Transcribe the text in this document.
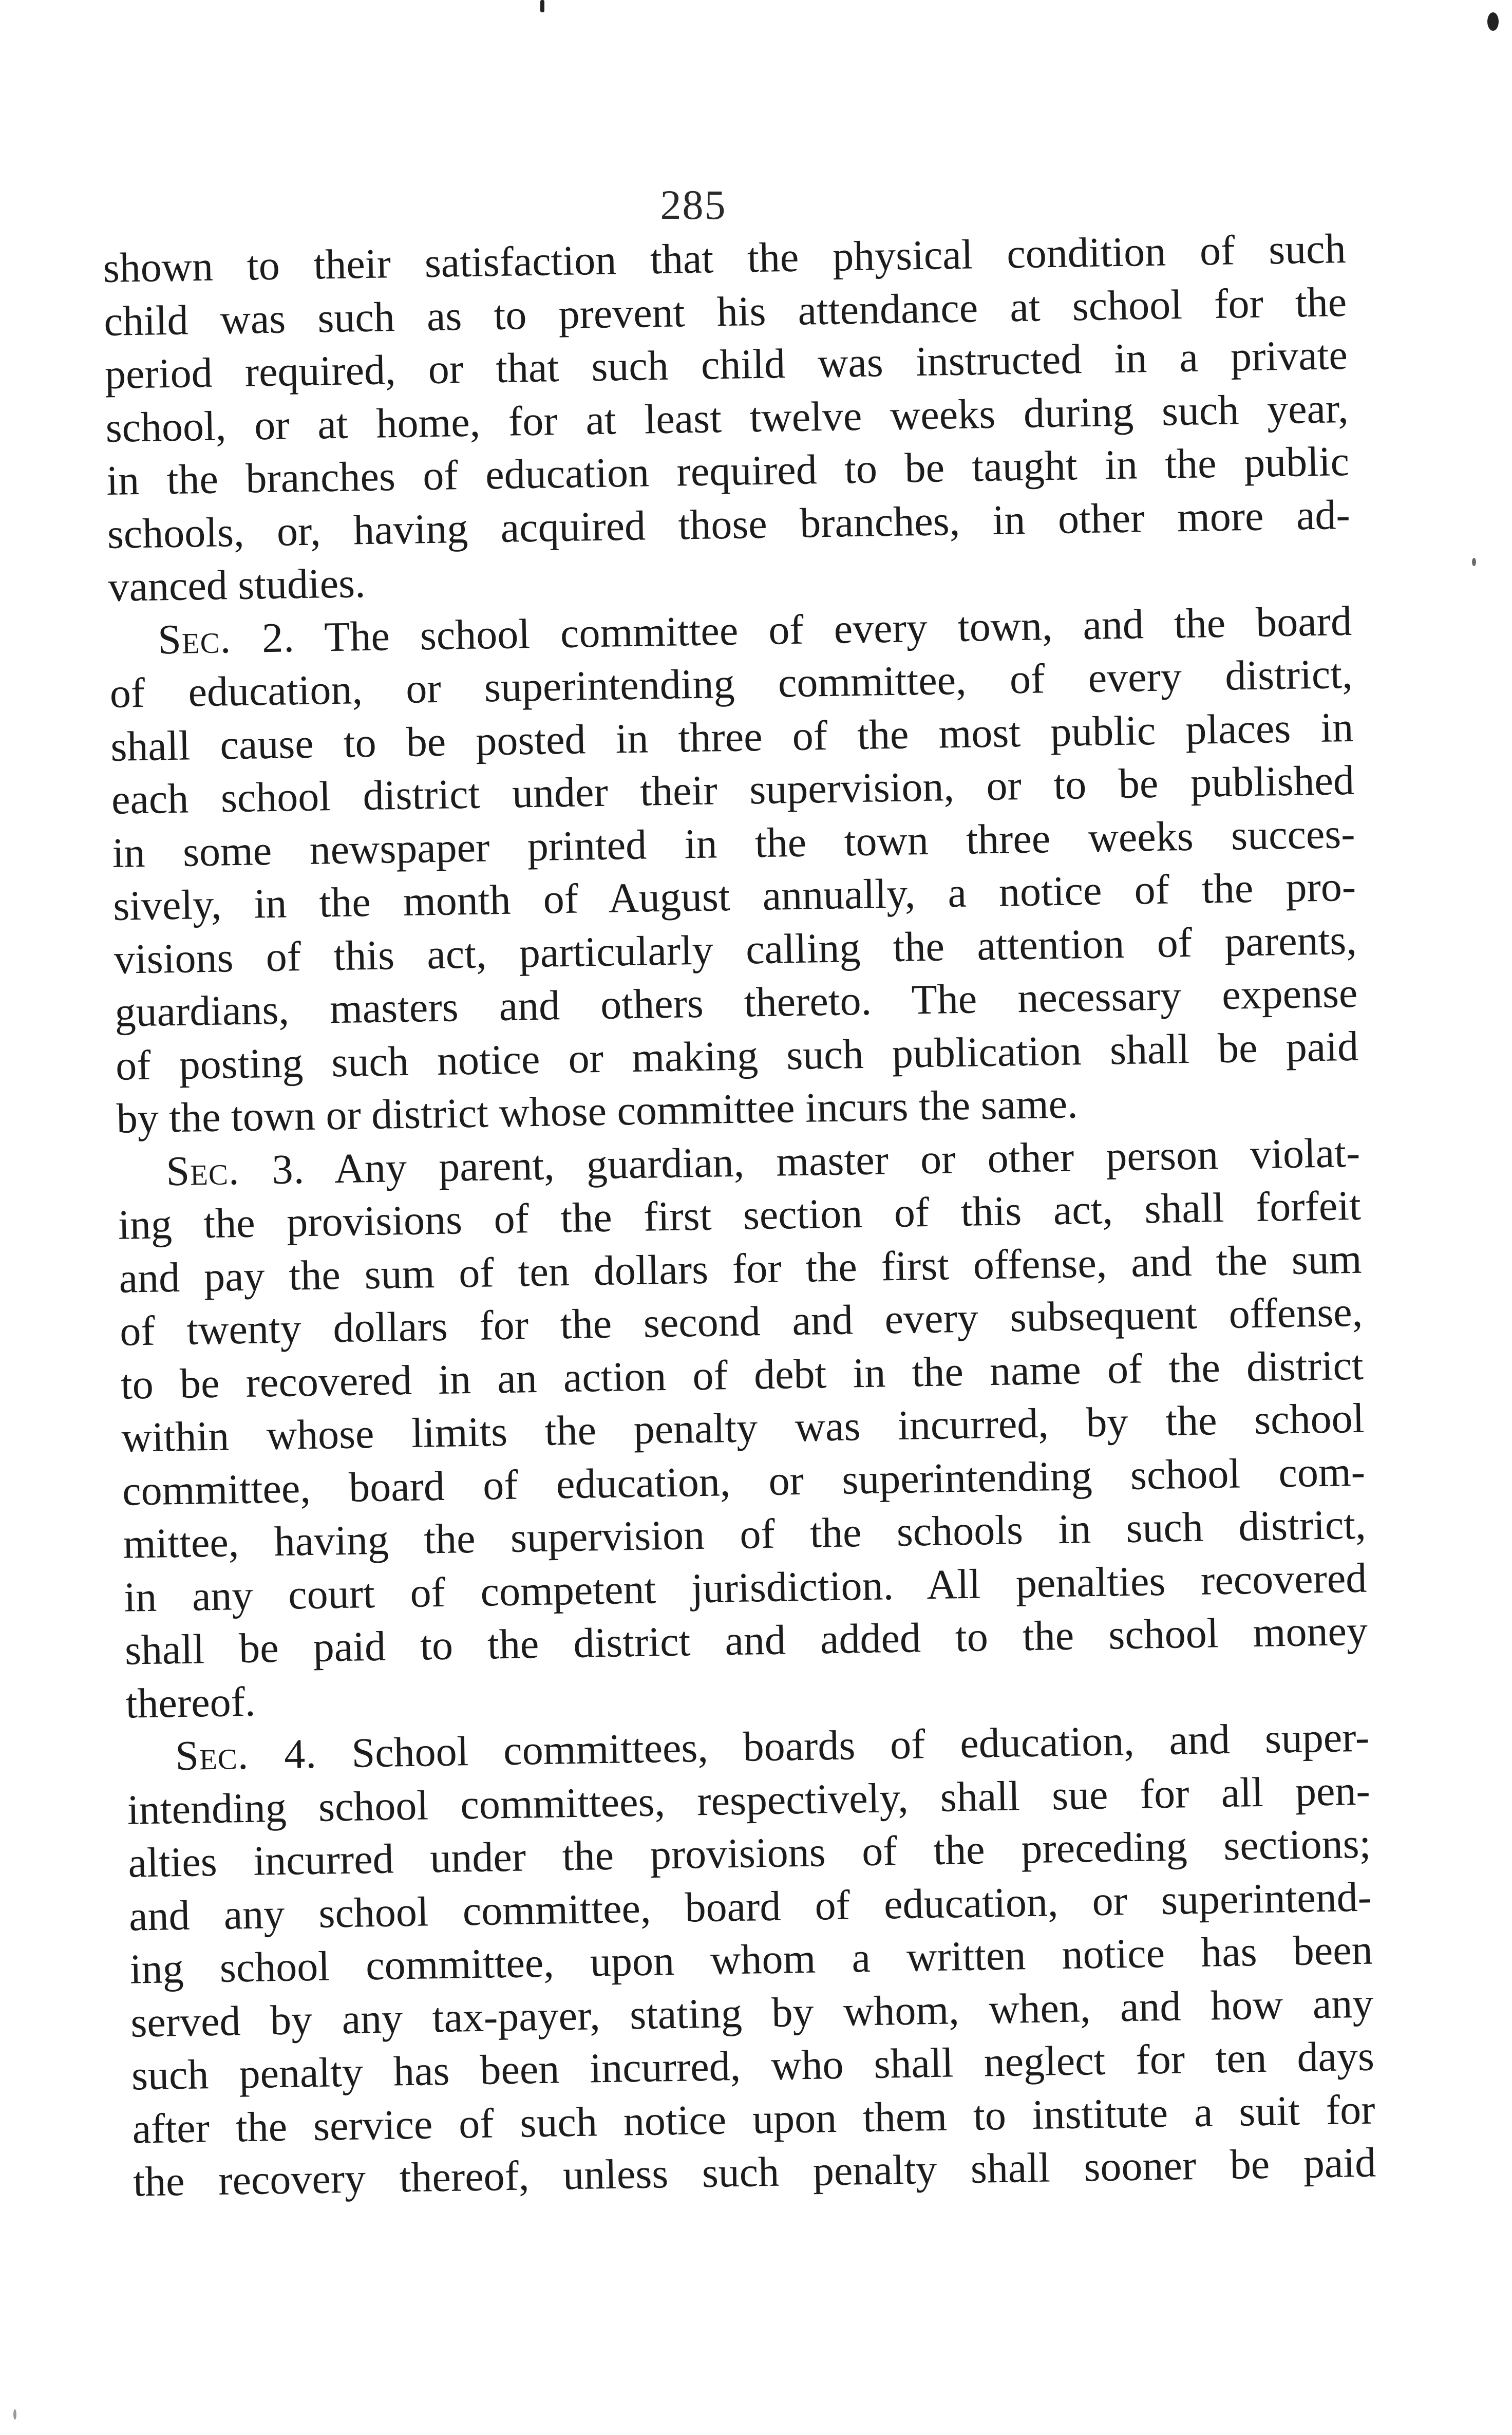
285
shown to their satisfaction that the physical condition of such
child was such as to prevent his attendance at school for the
period required, or that such child was instructed in a private
school, or at home, for at least twelve weeks during such year,
in the branches of education required to be taught in the public
schools, or, having acquired those branches, in other more ad-
vanced studies.
Sec. 2. The school committee of every town, and the board
of education, or superintending committee, of every district,
shall cause to be posted in three of the most public places in
each school district under their supervision, or to be published
in some newspaper printed in the town three weeks succes-
sively, in the month of August annually, a notice of the pro-
visions of this act, particularly calling the attention of parents,
guardians, masters and others thereto. The necessary expense
of posting such notice or making such publication shall be paid
by the town or district whose committee incurs the same.
Sec. 3. Any parent, guardian, master or other person violat-
ing the provisions of the first section of this act, shall forfeit
and pay the sum of ten dollars for the first offense, and the sum
of twenty dollars for the second and every subsequent offense,
to be recovered in an action of debt in the name of the district
within whose limits the penalty was incurred, by the school
committee, board of education, or superintending school com-
mittee, having the supervision of the schools in such district,
in any court of competent jurisdiction. All penalties recovered
shall be paid to the district and added to the school money
thereof.
Sec. 4. School committees, boards of education, and super-
intending school committees, respectively, shall sue for all pen-
alties incurred under the provisions of the preceding sections;
and any school committee, board of education, or superintend-
ing school committee, upon whom a written notice has been
served by any tax-payer, stating by whom, when, and how any
such penalty has been incurred, who shall neglect for ten days
after the service of such notice upon them to institute a suit for
the recovery thereof, unless such penalty shall sooner be paid
